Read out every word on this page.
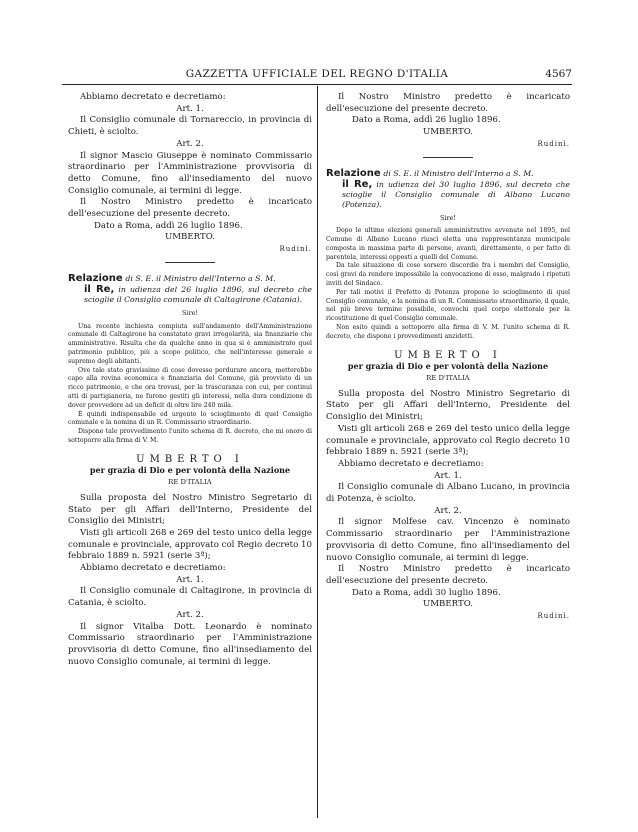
GAZZETTA UFFICIALE DEL REGNO D'ITALIA	4567

Abbiamo decretato e decretiamo:

Art. 1.

Il Consiglio comunale di Tornareccio, in provincia di Chieti, è sciolto.

Art. 2.

Il signor Mascio Giuseppe è nominato Commissario straordinario per l'Amministrazione provvisoria di detto Comune, fino all'insediamento del nuovo Consiglio comunale, ai termini di legge.

Il Nostro Ministro predetto è incaricato dell'esecuzione del presente decreto.

Dato a Roma, addì 26 luglio 1896.

UMBERTO.

Rudinì.

Relazione di S. E. il Ministro dell'Interno a S. M.

il Re, in udienza del 26 luglio 1896, sul decreto che scioglie il Consiglio comunale di Caltagirone (Catania).

Sire!

Una recente inchiesta compiuta sull'andamento dell'Amministrazione comunale di Caltagirone ha constatato gravi irregolarità, sia finanziarie che amministrative. Risulta che da qualche anno in qua si è amministrato quel patrimonio pubblico, più a scopo politico, che nell'interesse generale e supremo degli abitanti.

Ove tale stato gravissimo di cose dovesse perdurare ancora, metterebbe capo alla rovina economica e finanziaria del Comune, già provvisto di un ricco patrimonio, e che ora trovasi, per la trascuranza con cui, per continui atti di partigianeria, ne furono gestiti gli interessi, nella dura condizione di dover provvedere ad un deficit di oltre lire 240 mila.

È quindi indispensabile ed urgente lo scioglimento di quel Consiglio comunale e la nomina di un R. Commissario straordinario.

Dispone tale provvedimento l'unito schema di R. decreto, che mi onoro di sottoporre alla firma di V. M.

UMBERTO I

per grazia di Dio e per volontà della Nazione

RE D'ITALIA

Sulla proposta del Nostro Ministro Segretario di Stato per gli Affari dell'Interno, Presidente del Consiglio dei Ministri;

Visti gli articoli 268 e 269 del testo unico della legge comunale e provinciale, approvato col Regio decreto 10 febbraio 1889 n. 5921 (serie 3ª);

Abbiamo decretato e decretiamo:

Art. 1.

Il Consiglio comunale di Caltagirone, in provincia di Catania, è sciolto.

Art. 2.

Il signor Vitalba Dott. Leonardo è nominato Commissario straordinario per l'Amministrazione provvisoria di detto Comune, fino all'insediamento del nuovo Consiglio comunale, ai termini di legge.

Il Nostro Ministro predetto è incaricato dell'esecuzione del presente decreto.

Dato a Roma, addì 26 luglio 1896.

UMBERTO.

Rudinì.

Relazione di S. E. il Ministro dell'Interno a S. M.

il Re, in udienza del 30 luglio 1896, sul decreto che scioglie il Consiglio comunale di Albano Lucano (Potenza).

Sire!

Dopo le ultime elezioni generali amministrative avvenute nel 1895, nel Comune di Albano Lucano riuscì eletta una rappresentanza municipale composta in massima parte di persone, avanti, direttamente, o per fatto di parentela, interessi opposti a quelli del Comune.

Da tale situazione di cose sorsero discordie fra i membri del Consiglio, così gravi da rendere impossibile la convocazione di esso, malgrado i ripetuti inviti del Sindaco.

Per tali motivi il Prefetto di Potenza propone lo scioglimento di quel Consiglio comunale, e la nomina di un R. Commissario straordinario, il quale, nel più breve termine possibile, convochi quel corpo elettorale per la ricostituzione di quel Consiglio comunale.

Non esito quindi a sottoporre alla firma di V. M. l'unito schema di R. decreto, che dispone i provvedimenti anzidetti.

UMBERTO I

per grazia di Dio e per volontà della Nazione

RE D'ITALIA

Sulla proposta del Nostro Ministro Segretario di Stato per gli Affari dell'Interno, Presidente del Consiglio dei Ministri;

Visti gli articoli 268 e 269 del testo unico della legge comunale e provinciale, approvato col Regio decreto 10 febbraio 1889 n. 5921 (serie 3ª);

Abbiamo decretato e decretiamo:

Art. 1.

Il Consiglio comunale di Albano Lucano, in provincia di Potenza, è sciolto.

Art. 2.

Il signor Molfese cav. Vincenzo è nominato Commissario straordinario per l'Amministrazione provvisoria di detto Comune, fino all'insediamento del nuovo Consiglio comunale, ai termini di legge.

Il Nostro Ministro predetto è incaricato dell'esecuzione del presente decreto.

Dato a Roma, addì 30 luglio 1896.

UMBERTO.

Rudinì.
